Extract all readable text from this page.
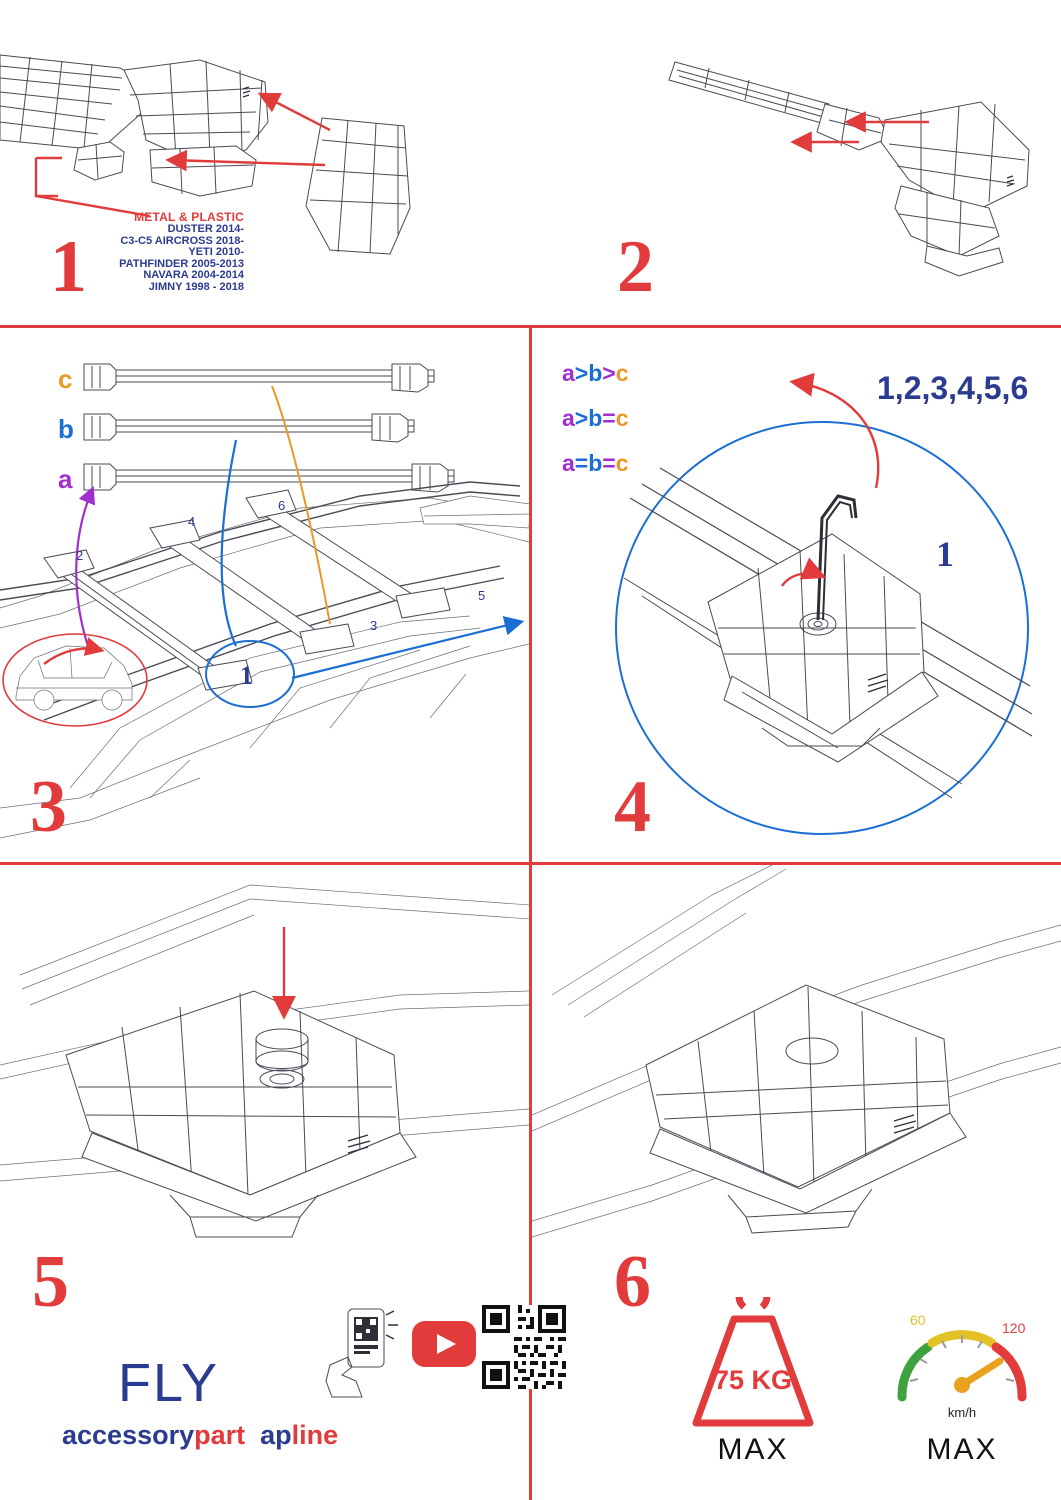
METAL & PLASTIC
DUSTER 2014-
C3-C5 AIRCROSS 2018-
YETI 2010-
PATHFINDER 2005-2013
NAVARA 2004-2014
JIMNY 1998 - 2018
1	2
2
4
6
5
3
1
c
b
a
3
a>b>c
a>b=c
a=b=c
1,2,3,4,5,6
1
4
5
FLY
accessorypart apline
6
75 KG
MAX
60	120
km/h
MAX
